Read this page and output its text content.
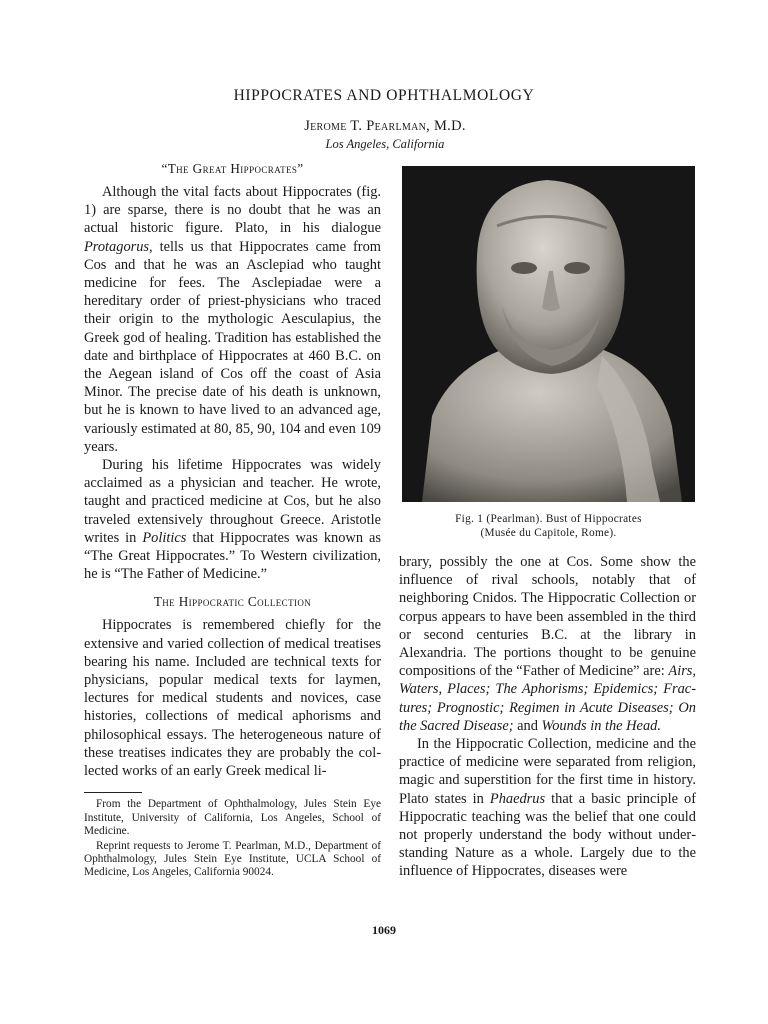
HIPPOCRATES AND OPHTHALMOLOGY
Jerome T. Pearlman, M.D.
Los Angeles, California
“The Great Hippocrates”

Although the vital facts about Hippocrates (fig. 1) are sparse, there is no doubt that he was an actual historic figure. Plato, in his dialogue Protagorus, tells us that Hippocrates came from Cos and that he was an Asclepiad who taught medicine for fees. The Asclepiadae were a hereditary order of priest-physicians who traced their origin to the mythologic Aesculapius, the Greek god of healing. Tradition has established the date and birthplace of Hippocrates at 460 B.C. on the Aegean island of Cos off the coast of Asia Minor. The precise date of his death is unknown, but he is known to have lived to an advanced age, variously estimated at 80, 85, 90, 104 and even 109 years.

During his lifetime Hippocrates was widely acclaimed as a physician and teacher. He wrote, taught and practiced medicine at Cos, but he also traveled extensively throughout Greece. Aristotle writes in Politics that Hippocrates was known as “The Great Hippocrates.” To Western civilization, he is “The Father of Medicine.”

The Hippocratic Collection

Hippocrates is remembered chiefly for the extensive and varied collection of medical treatises bearing his name. Included are technical texts for physicians, popular medical texts for laymen, lectures for medical students and novices, case histories, collections of medical aphorisms and philosophical essays. The heterogeneous nature of these treatises indicates they are probably the collected works of an early Greek medical li-

From the Department of Ophthalmology, Jules Stein Eye Institute, University of California, Los Angeles, School of Medicine.

Reprint requests to Jerome T. Pearlman, M.D., Department of Ophthalmology, Jules Stein Eye Institute, UCLA School of Medicine, Los Angeles, California 90024.

Fig. 1 (Pearlman). Bust of Hippocrates
(Musée du Capitole, Rome).

brary, possibly the one at Cos. Some show the influence of rival schools, notably that of neighboring Cnidos. The Hippocratic Collection or corpus appears to have been assembled in the third or second centuries B.C. at the library in Alexandria. The portions thought to be genuine compositions of the “Father of Medicine” are: Airs, Waters, Places; The Aphorisms; Epidemics; Fractures; Prognostic; Regimen in Acute Diseases; On the Sacred Disease; and Wounds in the Head.

In the Hippocratic Collection, medicine and the practice of medicine were separated from religion, magic and superstition for the first time in history. Plato states in Phaedrus that a basic principle of Hippocratic teaching was the belief that one could not properly understand the body without understanding Nature as a whole. Largely due to the influence of Hippocrates, diseases were

1069
